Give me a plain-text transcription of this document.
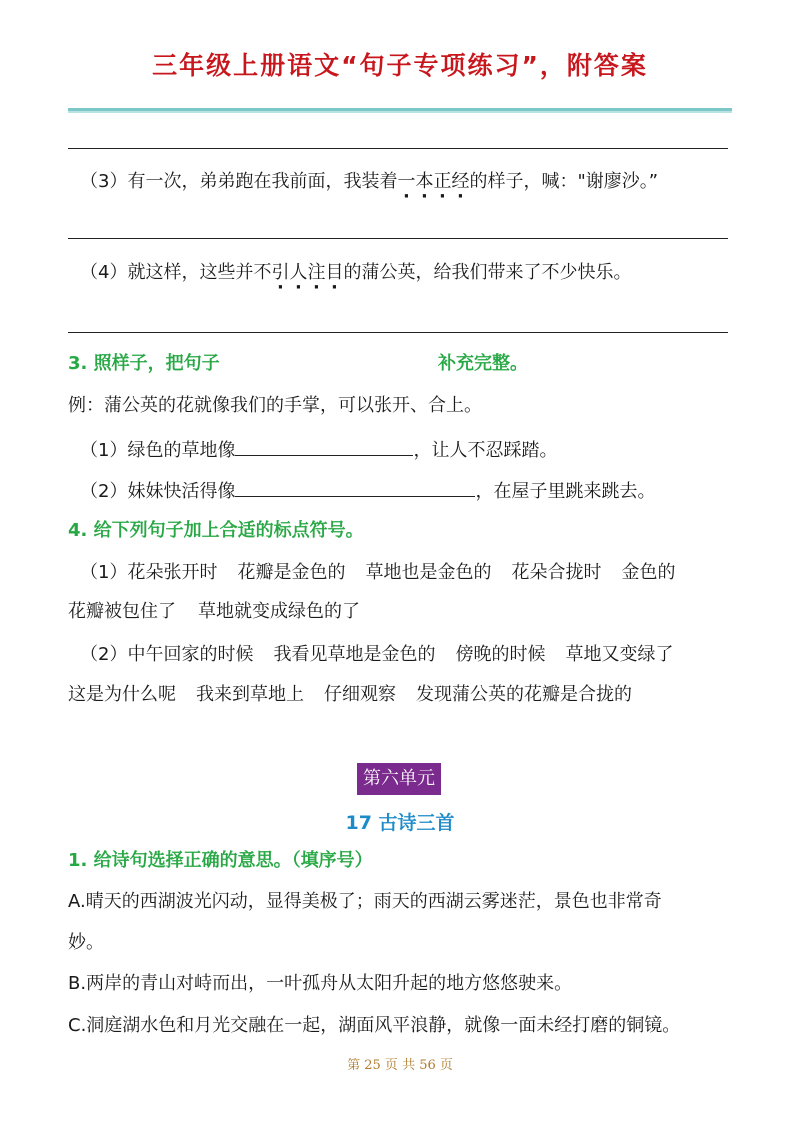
三年级上册语文“句子专项练习”，附答案
（3）有一次，弟弟跑在我前面，我装着一本正经的样子，喊："谢廖沙。”
（4）就这样，这些并不引人注目的蒲公英，给我们带来了不少快乐。
3. 照样子，把句子	补充完整。
例：蒲公英的花就像我们的手掌，可以张开、合上。
（1）绿色的草地像	，让人不忍踩踏。
（2）妹妹快活得像	，在屋子里跳来跳去。
4. 给下列句子加上合适的标点符号。
（1）花朵张开时 花瓣是金色的 草地也是金色的 花朵合拢时 金色的
花瓣被包住了 草地就变成绿色的了
（2）中午回家的时候 我看见草地是金色的 傍晚的时候 草地又变绿了
这是为什么呢 我来到草地上 仔细观察 发现蒲公英的花瓣是合拢的
第六单元
17 古诗三首
1. 给诗句选择正确的意思。（填序号）
A.晴天的西湖波光闪动，显得美极了；雨天的西湖云雾迷茫，景色也非常奇
妙。
B.两岸的青山对峙而出，一叶孤舟从太阳升起的地方悠悠驶来。
C.洞庭湖水色和月光交融在一起，湖面风平浪静，就像一面未经打磨的铜镜。
第 25 页 共 56 页
